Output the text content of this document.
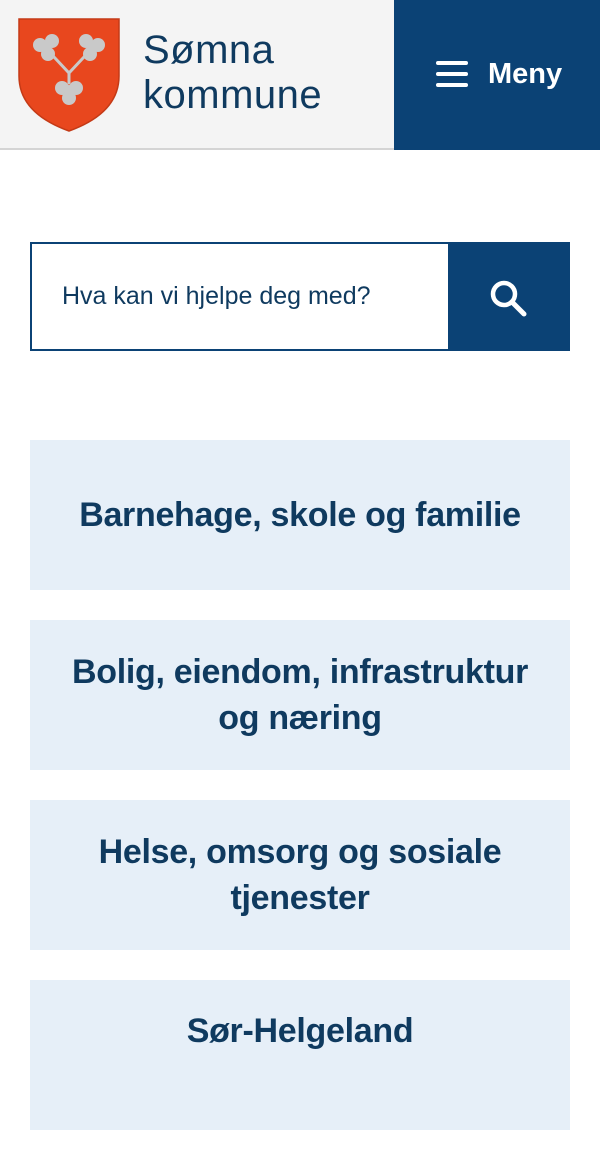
Sømna
kommune	Meny
Hva kan vi hjelpe deg med?
Barnehage, skole og familie
Bolig, eiendom, infrastruktur og næring
Helse, omsorg og sosiale tjenester
Sør-Helgeland
